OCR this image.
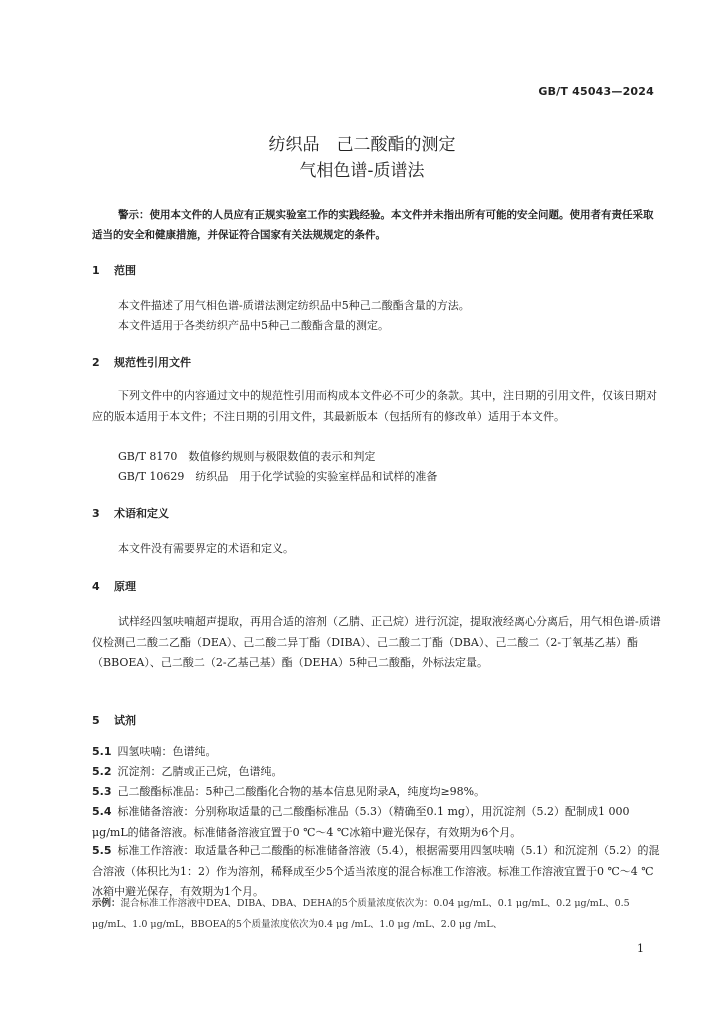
GB/T 45043—2024
纺织品　己二酸酯的测定
气相色谱-质谱法
警示：使用本文件的人员应有正规实验室工作的实践经验。本文件并未指出所有可能的安全问题。使用者有责任采取适当的安全和健康措施，并保证符合国家有关法规规定的条件。
1 范围
本文件描述了用气相色谱-质谱法测定纺织品中5种己二酸酯含量的方法。
本文件适用于各类纺织产品中5种己二酸酯含量的测定。
2 规范性引用文件
下列文件中的内容通过文中的规范性引用而构成本文件必不可少的条款。其中，注日期的引用文件，仅该日期对应的版本适用于本文件；不注日期的引用文件，其最新版本（包括所有的修改单）适用于本文件。
GB/T 8170　数值修约规则与极限数值的表示和判定
GB/T 10629　纺织品　用于化学试验的实验室样品和试样的准备
3 术语和定义
本文件没有需要界定的术语和定义。
4 原理
试样经四氢呋喃超声提取，再用合适的溶剂（乙腈、正己烷）进行沉淀，提取液经离心分离后，用气相色谱-质谱仪检测己二酸二乙酯（DEA）、己二酸二异丁酯（DIBA）、己二酸二丁酯（DBA）、己二酸二（2-丁氧基乙基）酯（BBOEA）、己二酸二（2-乙基己基）酯（DEHA）5种己二酸酯，外标法定量。
5 试剂
5.1 四氢呋喃：色谱纯。
5.2 沉淀剂：乙腈或正己烷，色谱纯。
5.3 己二酸酯标准品：5种己二酸酯化合物的基本信息见附录A，纯度均≥98%。
5.4 标准储备溶液：分别称取适量的己二酸酯标准品（5.3）（精确至0.1 mg），用沉淀剂（5.2）配制成1 000 μg/mL的储备溶液。标准储备溶液宜置于0 ℃～4 ℃冰箱中避光保存，有效期为6个月。
5.5 标准工作溶液：取适量各种己二酸酯的标准储备溶液（5.4），根据需要用四氢呋喃（5.1）和沉淀剂（5.2）的混合溶液（体积比为1：2）作为溶剂，稀释成至少5个适当浓度的混合标准工作溶液。标准工作溶液宜置于0 ℃～4 ℃冰箱中避光保存，有效期为1个月。
示例：混合标准工作溶液中DEA、DIBA、DBA、DEHA的5个质量浓度依次为：0.04 μg/mL、0.1 μg/mL、0.2 μg/mL、0.5 μg/mL、1.0 μg/mL，BBOEA的5个质量浓度依次为0.4 μg /mL、1.0 μg /mL、2.0 μg /mL、
1
